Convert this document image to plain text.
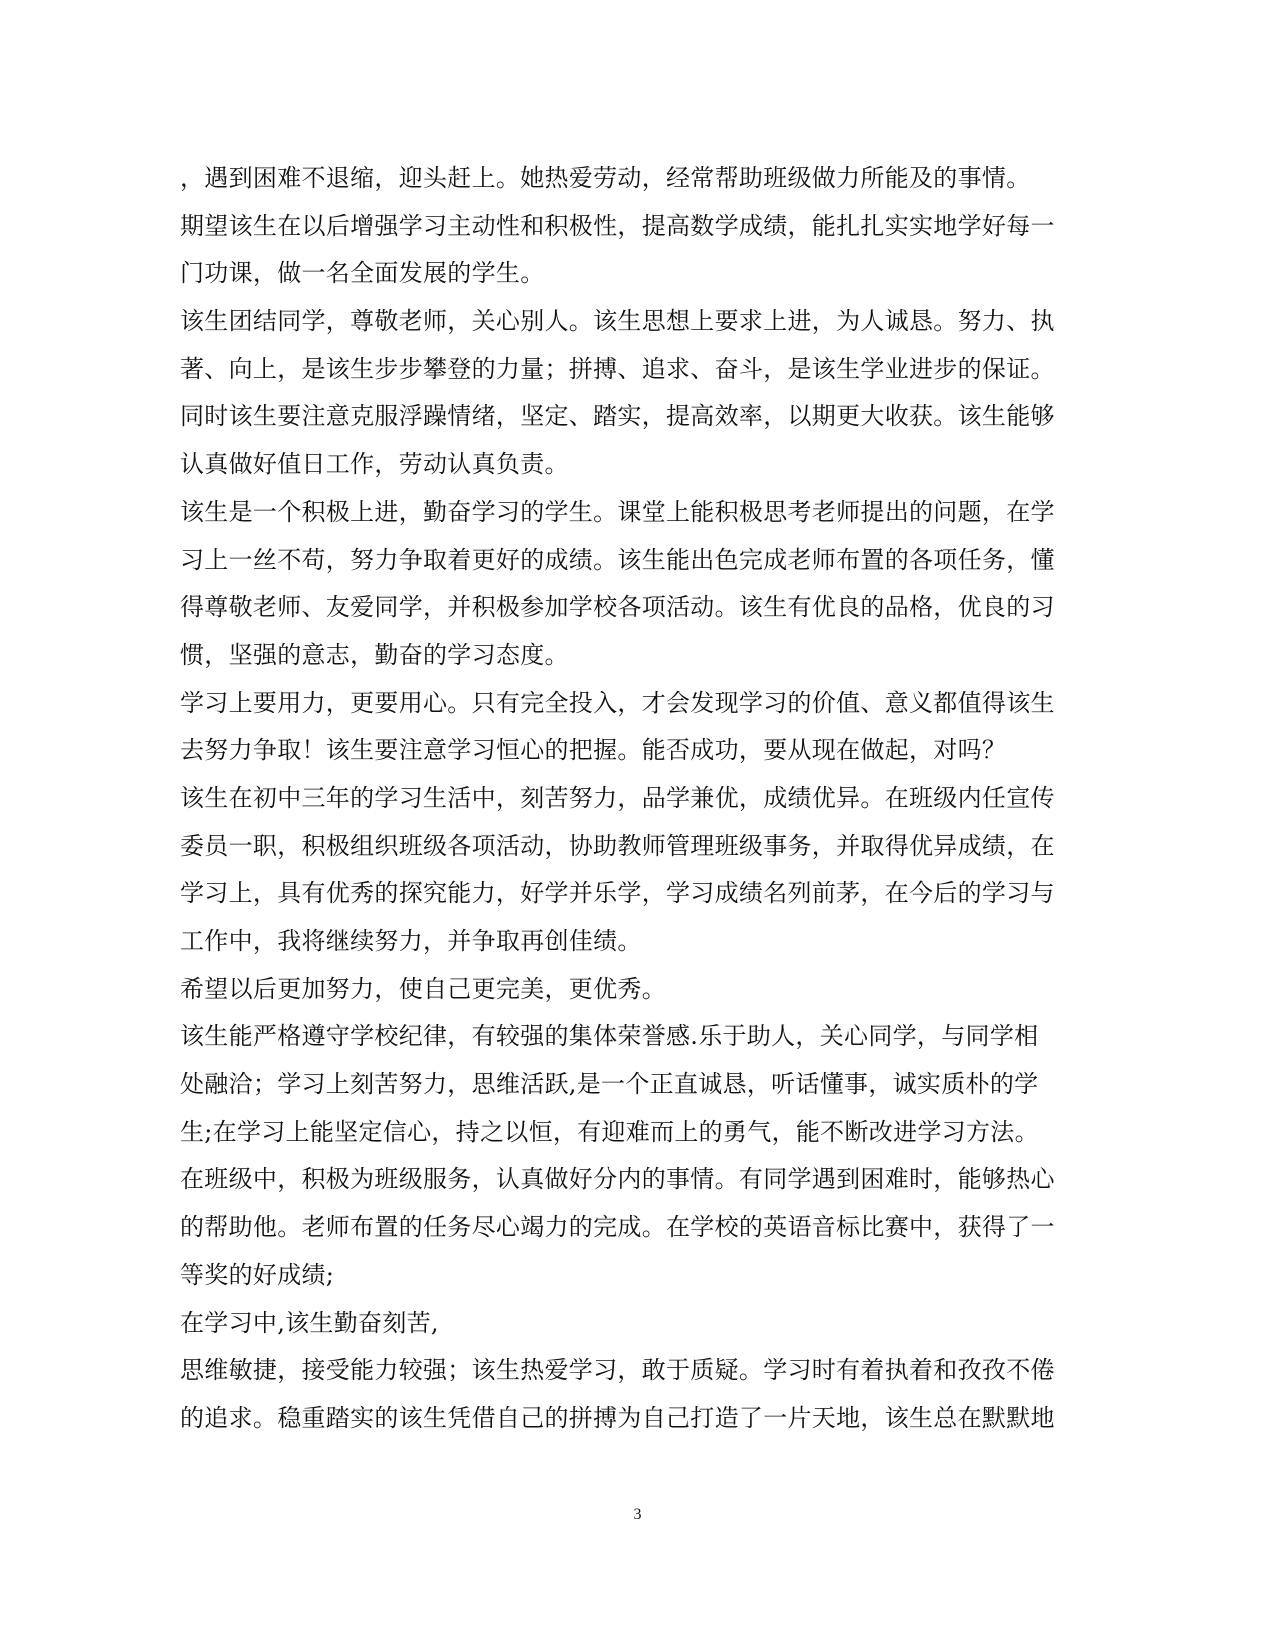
，遇到困难不退缩，迎头赶上。她热爱劳动，经常帮助班级做力所能及的事情。
期望该生在以后增强学习主动性和积极性，提高数学成绩，能扎扎实实地学好每一
门功课，做一名全面发展的学生。
该生团结同学，尊敬老师，关心别人。该生思想上要求上进，为人诚恳。努力、执
著、向上，是该生步步攀登的力量；拼搏、追求、奋斗，是该生学业进步的保证。
同时该生要注意克服浮躁情绪，坚定、踏实，提高效率，以期更大收获。该生能够
认真做好值日工作，劳动认真负责。
该生是一个积极上进，勤奋学习的学生。课堂上能积极思考老师提出的问题，在学
习上一丝不苟，努力争取着更好的成绩。该生能出色完成老师布置的各项任务，懂
得尊敬老师、友爱同学，并积极参加学校各项活动。该生有优良的品格，优良的习
惯，坚强的意志，勤奋的学习态度。
学习上要用力，更要用心。只有完全投入，才会发现学习的价值、意义都值得该生
去努力争取！该生要注意学习恒心的把握。能否成功，要从现在做起，对吗？
该生在初中三年的学习生活中，刻苦努力，品学兼优，成绩优异。在班级内任宣传
委员一职，积极组织班级各项活动，协助教师管理班级事务，并取得优异成绩，在
学习上，具有优秀的探究能力，好学并乐学，学习成绩名列前茅，在今后的学习与
工作中，我将继续努力，并争取再创佳绩。
希望以后更加努力，使自己更完美，更优秀。
该生能严格遵守学校纪律，有较强的集体荣誉感.乐于助人，关心同学，与同学相
处融洽；学习上刻苦努力，思维活跃,是一个正直诚恳，听话懂事，诚实质朴的学
生;在学习上能坚定信心，持之以恒，有迎难而上的勇气，能不断改进学习方法。
在班级中，积极为班级服务，认真做好分内的事情。有同学遇到困难时，能够热心
的帮助他。老师布置的任务尽心竭力的完成。在学校的英语音标比赛中，获得了一
等奖的好成绩;
在学习中,该生勤奋刻苦,
思维敏捷，接受能力较强；该生热爱学习，敢于质疑。学习时有着执着和孜孜不倦
的追求。稳重踏实的该生凭借自己的拼搏为自己打造了一片天地，该生总在默默地
3
